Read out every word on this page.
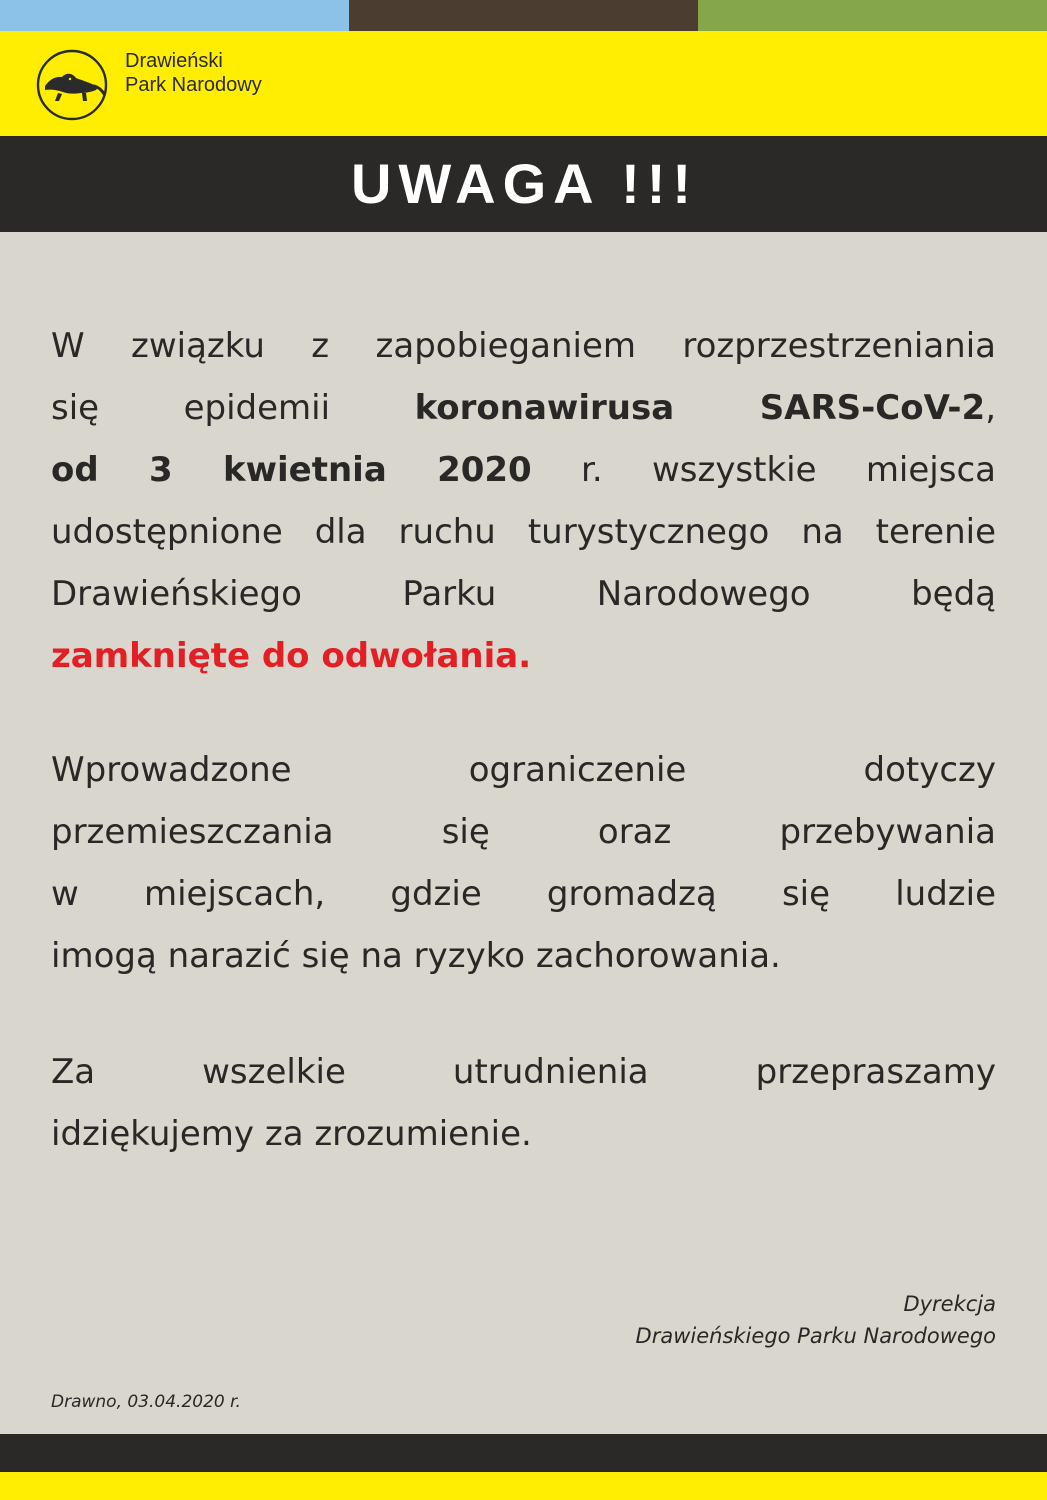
Drawieński
Park Narodowy
UWAGA !!!

W związku z zapobieganiem rozprzestrzeniania
się epidemii koronawirusa SARS-CoV-2,
od 3 kwietnia 2020 r. wszystkie miejsca
udostępnione dla ruchu turystycznego na terenie
Drawieńskiego Parku Narodowego będą
zamknięte do odwołania.

Wprowadzone ograniczenie dotyczy
przemieszczania się oraz przebywania
w miejscach, gdzie gromadzą się ludzie
imogą narazić się na ryzyko zachorowania.

Za wszelkie utrudnienia przepraszamy
idziękujemy za zrozumienie.

Dyrekcja
Drawieńskiego Parku Narodowego
Drawno, 03.04.2020 r.
